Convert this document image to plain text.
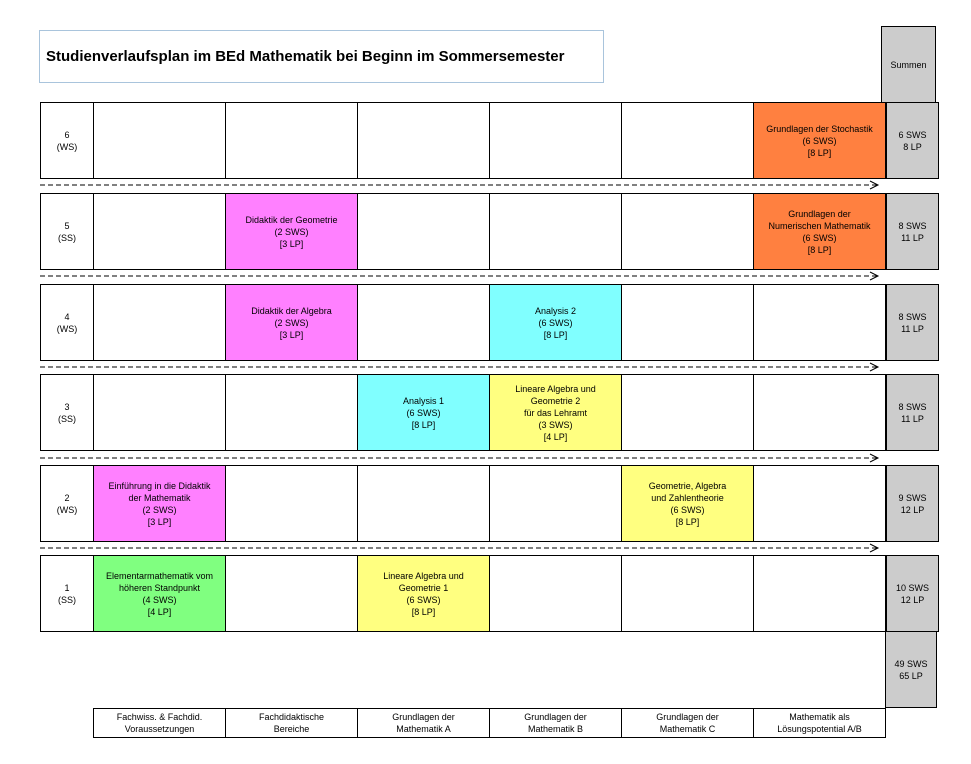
Studienverlaufsplan im BEd Mathematik bei Beginn im Sommersemester	Summen
6
(WS)
Grundlagen der Stochastik
(6 SWS)
[8 LP]
6 SWS
8 LP
5
(SS)
Didaktik der Geometrie
(2 SWS)
[3 LP]
Grundlagen der
Numerischen Mathematik
(6 SWS)
[8 LP]
8 SWS
11 LP
4
(WS)
Didaktik der Algebra
(2 SWS)
[3 LP]
Analysis 2
(6 SWS)
[8 LP]
8 SWS
11 LP
3
(SS)
Analysis 1
(6 SWS)
[8 LP]
Lineare Algebra und
Geometrie 2
für das Lehramt
(3 SWS)
[4 LP]
8 SWS
11 LP
2
(WS)
Einführung in die Didaktik
der Mathematik
(2 SWS)
[3 LP]
Geometrie, Algebra
und Zahlentheorie
(6 SWS)
[8 LP]
9 SWS
12 LP
1
(SS)
Elementarmathematik vom
höheren Standpunkt
(4 SWS)
[4 LP]
Lineare Algebra und
Geometrie 1
(6 SWS)
[8 LP]
10 SWS
12 LP
49 SWS
65 LP
Fachwiss. & Fachdid.
Voraussetzungen
Fachdidaktische
Bereiche
Grundlagen der
Mathematik A
Grundlagen der
Mathematik B
Grundlagen der
Mathematik C
Mathematik als
Lösungspotential A/B
